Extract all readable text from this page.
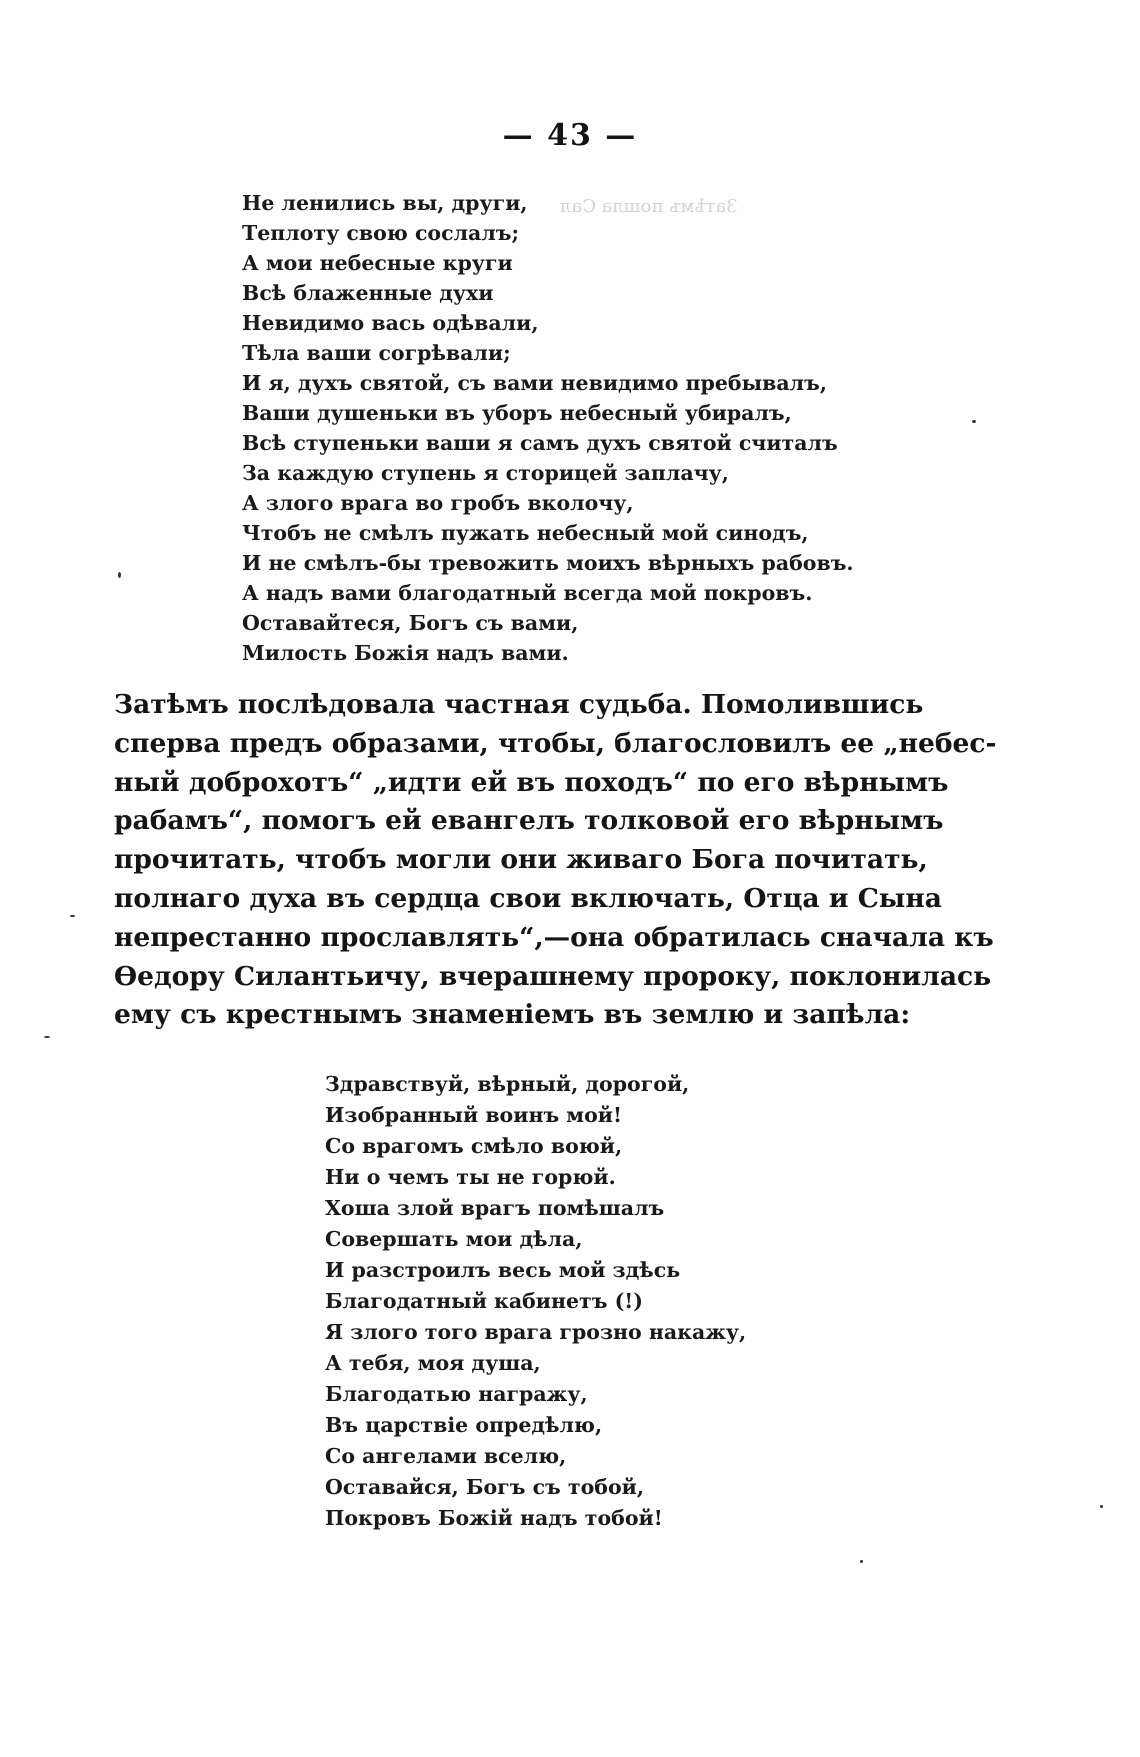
— 43 —
Затѣмъ пошла Сал
Не ленились вы, други,
Теплоту свою сослалъ;
А мои небесные круги
Всѣ блаженные духи
Невидимо вась одѣвали,
Тѣла ваши согрѣвали;
И я, духъ святой, съ вами невидимо пребывалъ,
Ваши душеньки въ уборъ небесный убиралъ,
Всѣ ступеньки ваши я самъ духъ святой считалъ
За каждую ступень я сторицей заплачу,
А злого врага во гробъ вколочу,
Чтобъ не смѣлъ пужать небесный мой синодъ,
И не смѣлъ-бы тревожить моихъ вѣрныхъ рабовъ.
А надъ вами благодатный всегда мой покровъ.
Оставайтеся, Богъ съ вами,
Милость Божія надъ вами.
Затѣмъ послѣдовала частная судьба. Помолившись
сперва предъ образами, чтобы, благословилъ ее „небес-
ный доброхотъ“ „идти ей въ походъ“ по его вѣрнымъ
рабамъ“, помогъ ей евангелъ толковой его вѣрнымъ
прочитать, чтобъ могли они живаго Бога почитать,
полнаго духа въ сердца свои включать, Отца и Сына
непрестанно прославлять“,—она обратилась сначала къ
Ѳедору Силантьичу, вчерашнему пророку, поклонилась
ему съ крестнымъ знаменіемъ въ землю и запѣла:
Здравствуй, вѣрный, дорогой,
Изобранный воинъ мой!
Со врагомъ смѣло воюй,
Ни о чемъ ты не горюй.
Хоша злой врагъ помѣшалъ
Совершать мои дѣла,
И разстроилъ весь мой здѣсь
Благодатный кабинетъ (!)
Я злого того врага грозно накажу,
А тебя, моя душа,
Благодатью награжу,
Въ царствіе опредѣлю,
Со ангелами вселю,
Оставайся, Богъ съ тобой,
Покровъ Божій надъ тобой!
